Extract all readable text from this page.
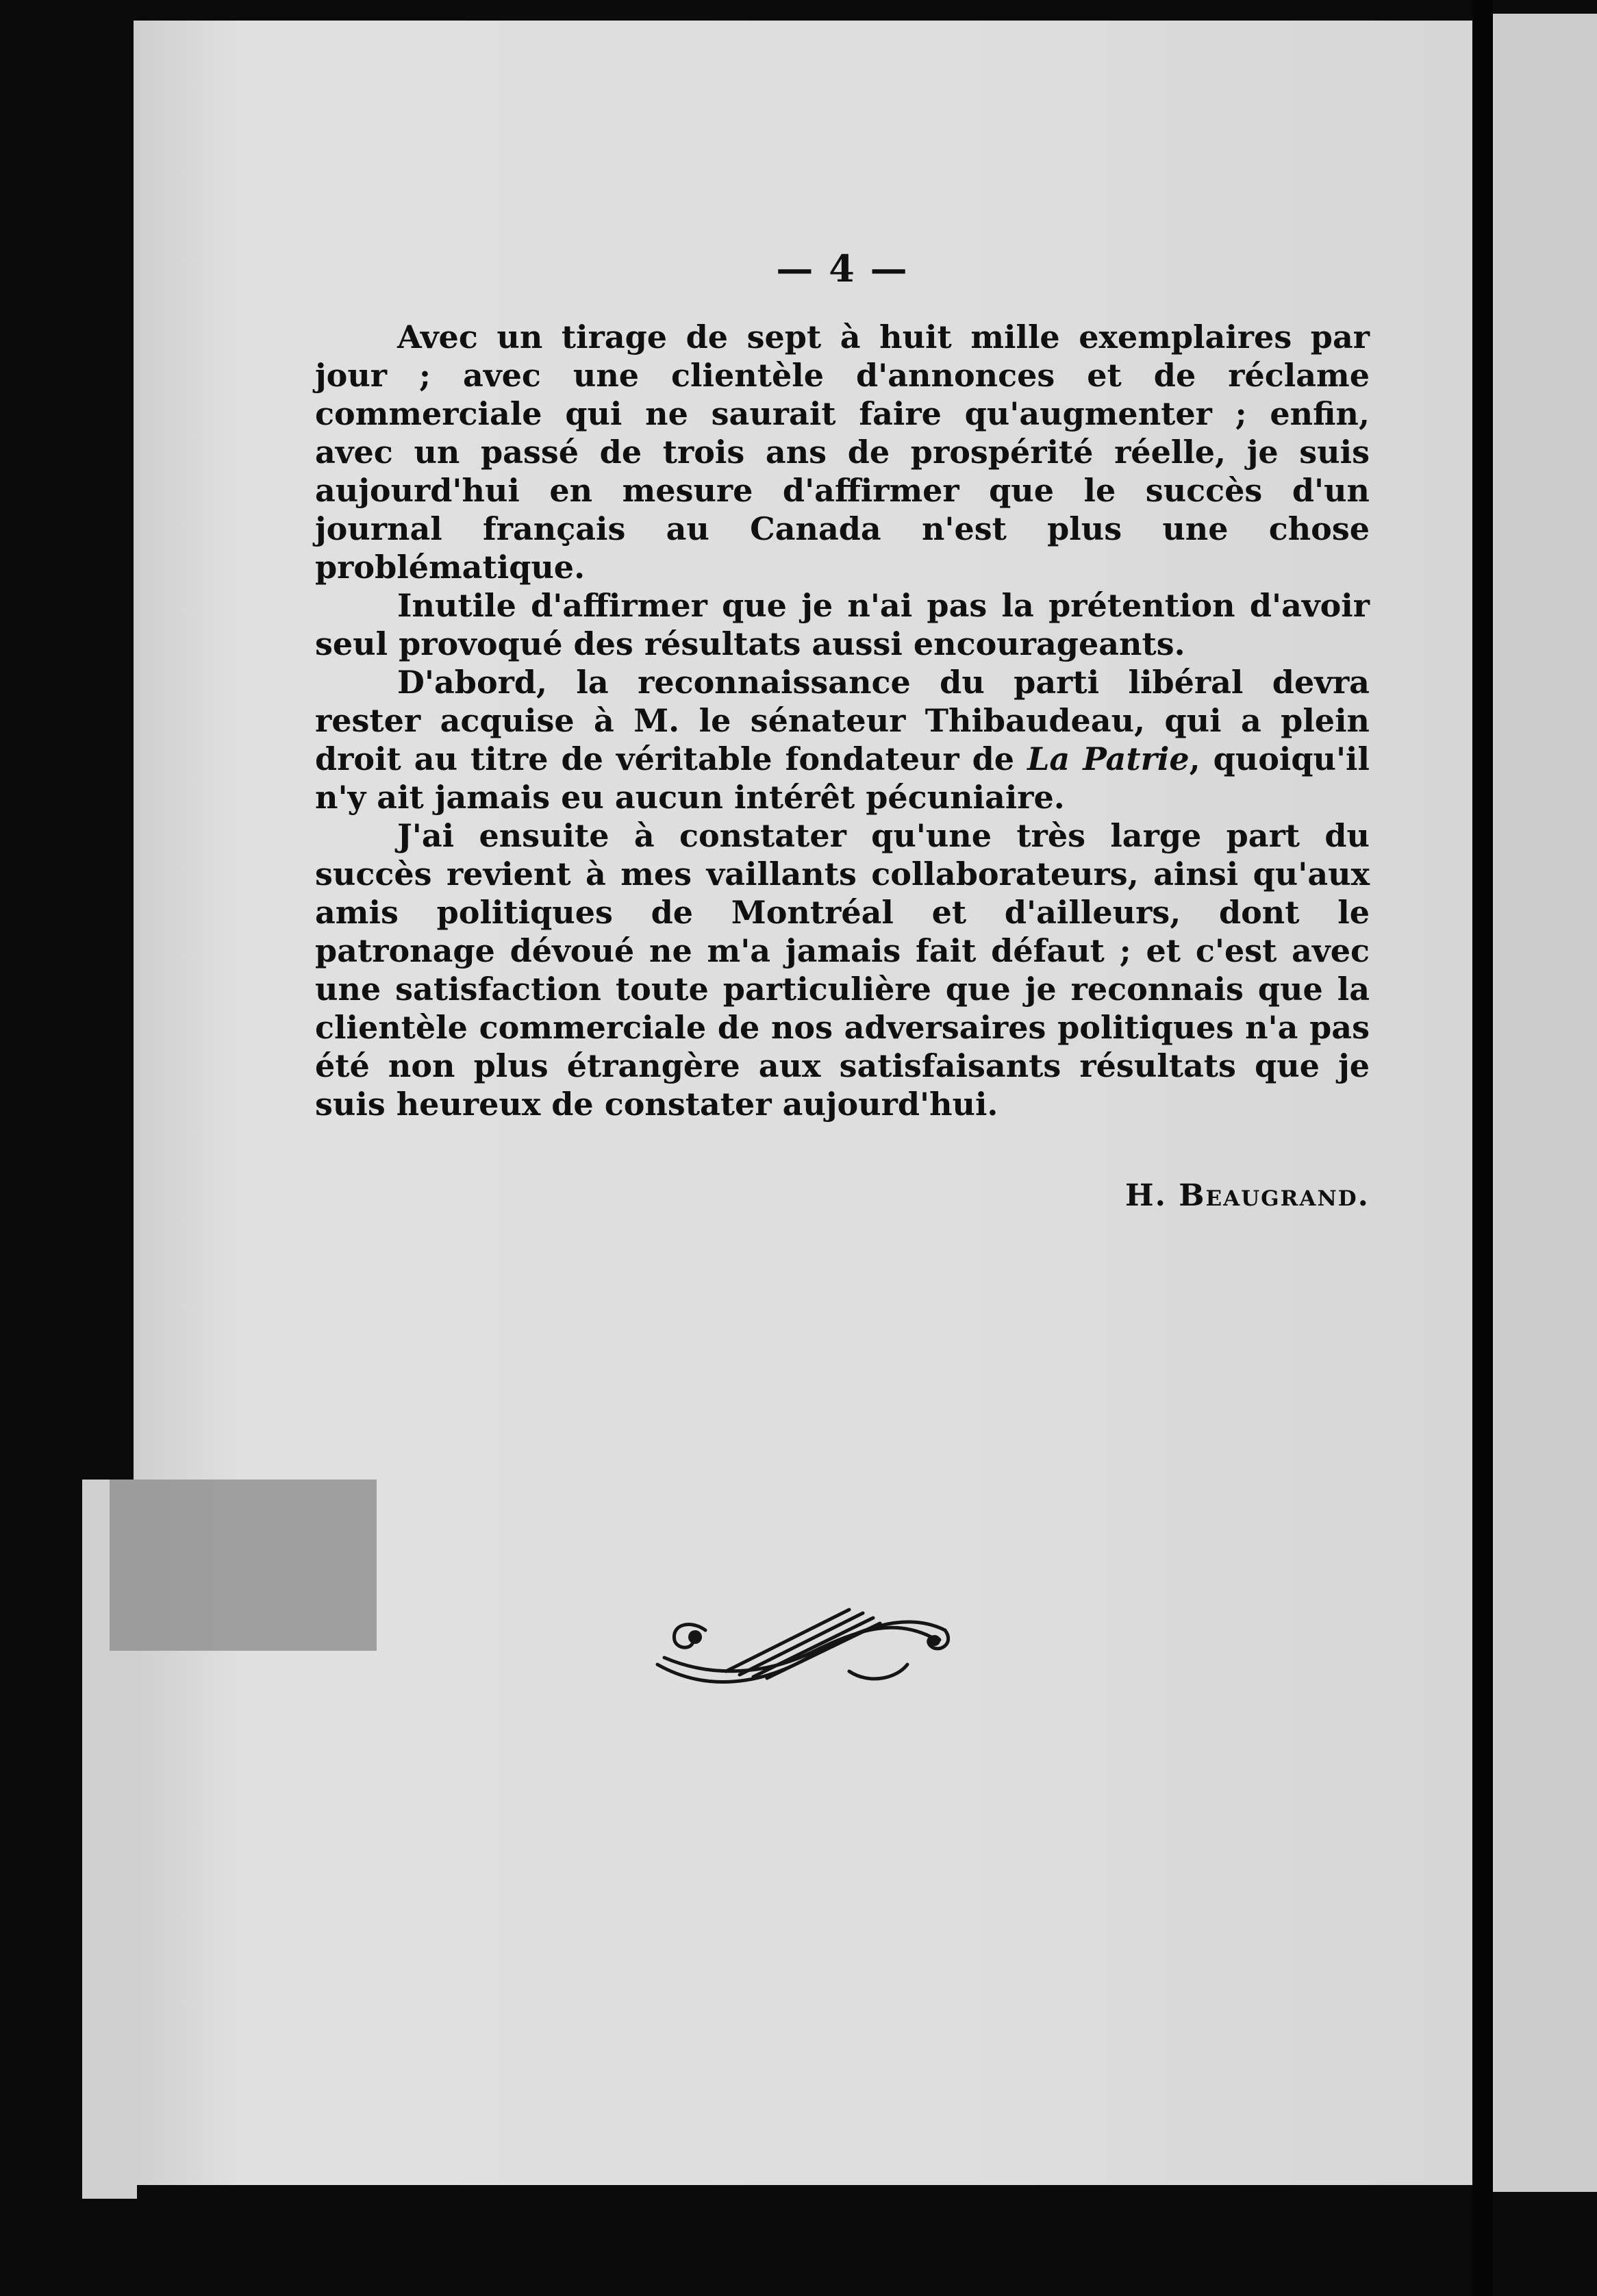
— 4 —

Avec un tirage de sept à huit mille exemplaires par jour ; avec une clientèle d'annonces et de réclame commerciale qui ne saurait faire qu'augmenter ; enfin, avec un passé de trois ans de prospérité réelle, je suis aujourd'hui en mesure d'affirmer que le succès d'un journal français au Canada n'est plus une chose problématique.

Inutile d'affirmer que je n'ai pas la prétention d'avoir seul provoqué des résultats aussi encourageants.

D'abord, la reconnaissance du parti libéral devra rester acquise à M. le sénateur Thibaudeau, qui a plein droit au titre de véritable fondateur de La Patrie, quoiqu'il n'y ait jamais eu aucun intérêt pécuniaire.

J'ai ensuite à constater qu'une très large part du succès revient à mes vaillants collaborateurs, ainsi qu'aux amis politiques de Montréal et d'ailleurs, dont le patronage dévoué ne m'a jamais fait défaut ; et c'est avec une satisfaction toute particulière que je reconnais que la clientèle commerciale de nos adversaires politiques n'a pas été non plus étrangère aux satisfaisants résultats que je suis heureux de constater aujourd'hui.

H. Beaugrand.
